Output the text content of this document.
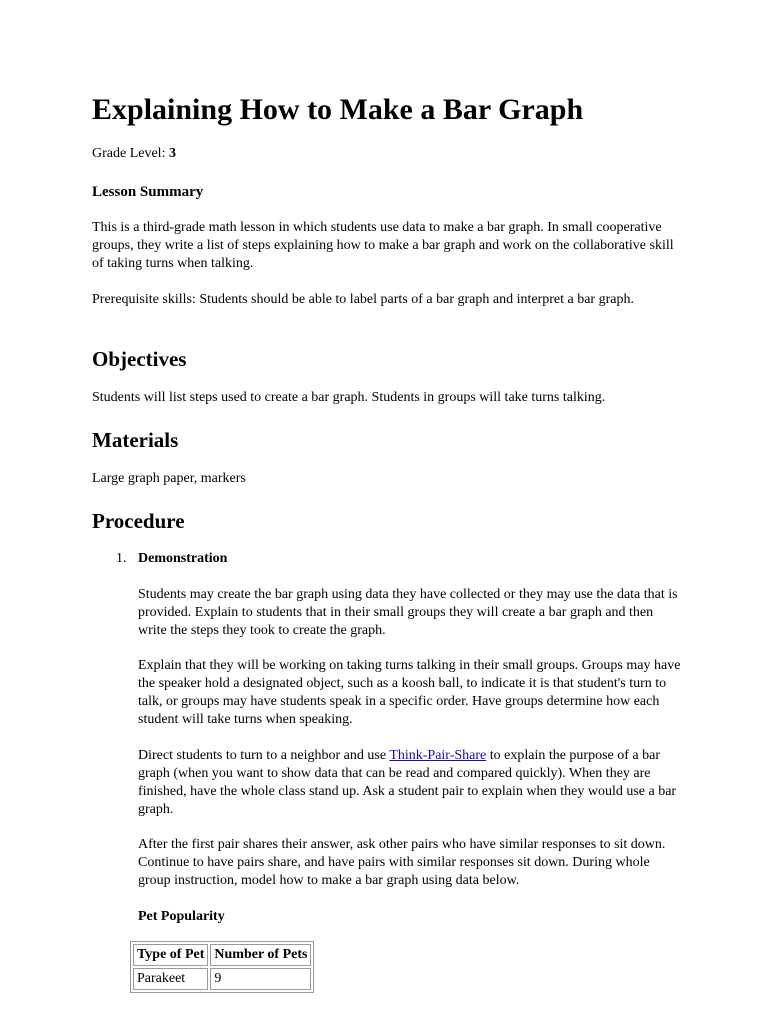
Explaining How to Make a Bar Graph
Grade Level: 3
Lesson Summary

This is a third-grade math lesson in which students use data to make a bar graph. In small cooperative groups, they write a list of steps explaining how to make a bar graph and work on the collaborative skill of taking turns when talking.

Prerequisite skills: Students should be able to label parts of a bar graph and interpret a bar graph.

Objectives

Students will list steps used to create a bar graph. Students in groups will take turns talking.

Materials

Large graph paper, markers

Procedure
1. Demonstration

Students may create the bar graph using data they have collected or they may use the data that is provided. Explain to students that in their small groups they will create a bar graph and then write the steps they took to create the graph.

Explain that they will be working on taking turns talking in their small groups. Groups may have the speaker hold a designated object, such as a koosh ball, to indicate it is that student's turn to talk, or groups may have students speak in a specific order. Have groups determine how each student will take turns when speaking.

Direct students to turn to a neighbor and use Think-Pair-Share to explain the purpose of a bar graph (when you want to show data that can be read and compared quickly). When they are finished, have the whole class stand up. Ask a student pair to explain when they would use a bar graph.

After the first pair shares their answer, ask other pairs who have similar responses to sit down. Continue to have pairs share, and have pairs with similar responses sit down. During whole group instruction, model how to make a bar graph using data below.

Pet Popularity
Type of Pet	Number of Pets
Parakeet	9
